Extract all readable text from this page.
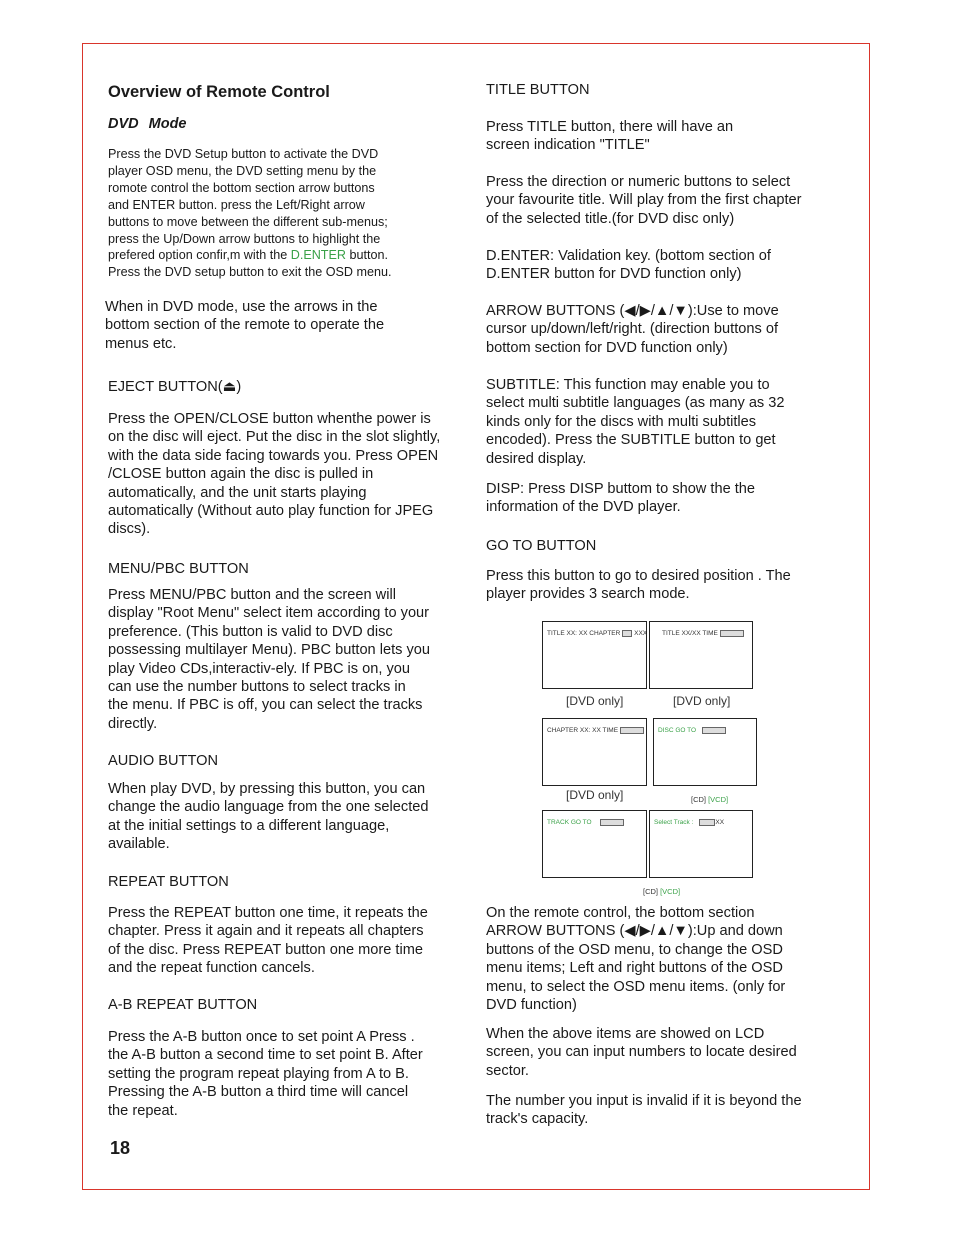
Overview of Remote Control
DVD Mode

Press the DVD Setup button to activate the DVD

player OSD menu, the DVD setting menu by the

romote control the bottom section arrow buttons

and ENTER button. press the Left/Right arrow

buttons to move between the different sub-menus;

press the Up/Down arrow buttons to highlight the

prefered option confir,m with the D.ENTER button.

Press the DVD setup button to exit the OSD menu.

When in DVD mode, use the arrows in the
bottom section of the remote to operate the
menus etc.

EJECT BUTTON(⏏)

Press the OPEN/CLOSE button whenthe power is
on the disc will eject. Put the disc in the slot slightly,
with the data side facing towards you. Press OPEN
/CLOSE button again the disc is pulled in
automatically, and the unit starts playing
automatically (Without auto play function for JPEG
discs).

MENU/PBC BUTTON

Press MENU/PBC button and the screen will
display "Root Menu" select item according to your
preference. (This button is valid to DVD disc
possessing multilayer Menu). PBC button lets you
play Video CDs,interactiv-ely. If PBC is on, you
can use the number buttons to select tracks in
the menu. If PBC is off, you can select the tracks
directly.

AUDIO BUTTON

When play DVD, by pressing this button, you can
change the audio language from the one selected
at the initial settings to a different language,
available.

REPEAT BUTTON

Press the REPEAT button one time, it repeats the
chapter. Press it again and it repeats all chapters
of the disc. Press REPEAT button one more time
and the repeat function cancels.

A-B REPEAT BUTTON

Press the A-B button once to set point A Press .
the A-B button a second time to set point B. After
setting the program repeat playing from A to B.
Pressing the A-B button a third time will cancel
the repeat.

18

TITLE BUTTON

Press TITLE button, there will have an
screen indication "TITLE"

Press the direction or numeric buttons to select
your favourite title. Will play from the first chapter
of the selected title.(for DVD disc only)

D.ENTER: Validation key. (bottom section of
D.ENTER button for DVD function only)

ARROW BUTTONS (◀/▶/▲/▼):Use to move
cursor up/down/left/right. (direction buttons of
bottom section for DVD function only)

SUBTITLE: This function may enable you to
select multi subtitle languages (as many as 32
kinds only for the discs with multi subtitles
encoded). Press the SUBTITLE button to get
desired display.

DISP: Press DISP buttom to show the the
information of the DVD player.

GO TO BUTTON

Press this button to go to desired position . The
player provides 3 search mode.

TITLE XX: XX CHAPTER XXX TITLE XX/XX TIME
[DVD only]	[DVD only]
CHAPTER XX: XX TIME	DISC GO TO
[DVD only]	[CD] [VCD]
TRACK GO TO	Select Track :	XX
[CD] [VCD]

On the remote control, the bottom section
ARROW BUTTONS (◀/▶/▲/▼):Up and down
buttons of the OSD menu, to change the OSD
menu items; Left and right buttons of the OSD
menu, to select the OSD menu items. (only for
DVD function)

When the above items are showed on LCD
screen, you can input numbers to locate desired
sector.

The number you input is invalid if it is beyond the
track's capacity.
